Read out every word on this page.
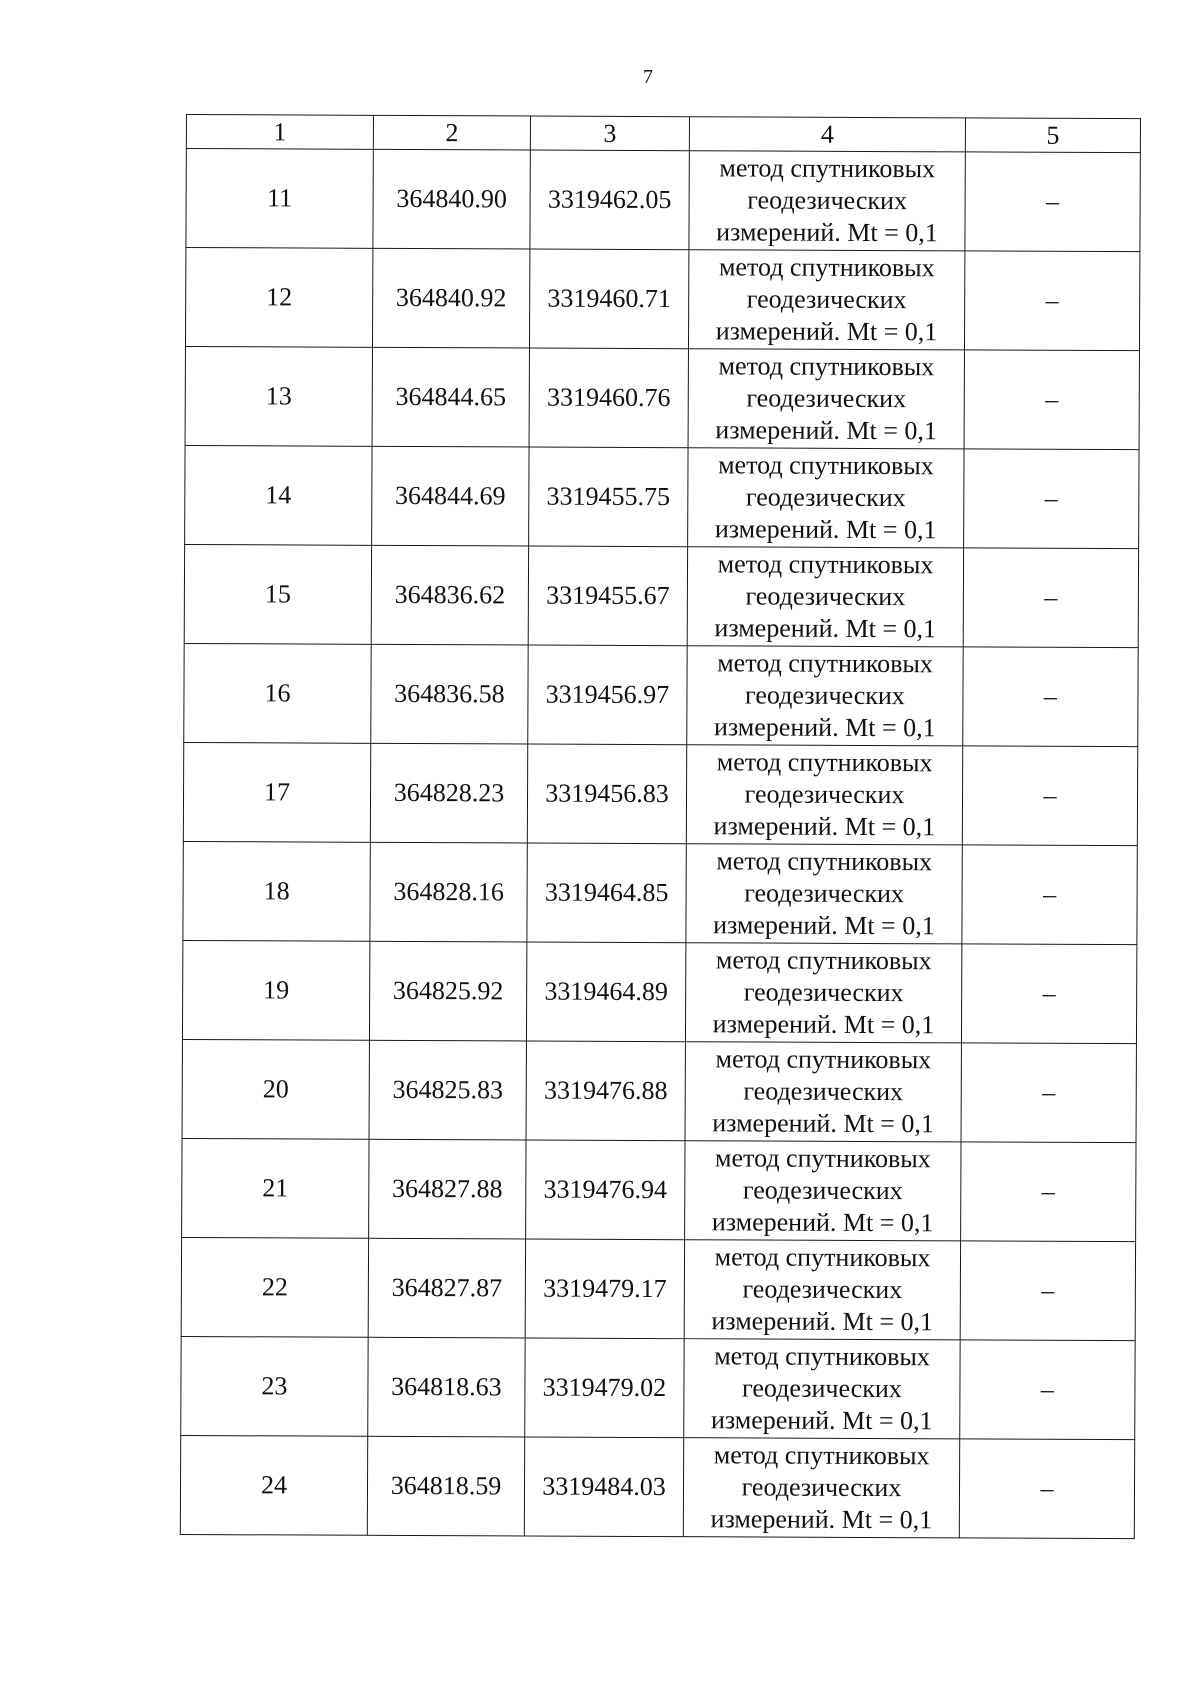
7
1	2	3	4	5
11	364840.90	3319462.05	метод спутниковых
геодезических
измерений. Mt = 0,1	–
12	364840.92	3319460.71	метод спутниковых
геодезических
измерений. Mt = 0,1	–
13	364844.65	3319460.76	метод спутниковых
геодезических
измерений. Mt = 0,1	–
14	364844.69	3319455.75	метод спутниковых
геодезических
измерений. Mt = 0,1	–
15	364836.62	3319455.67	метод спутниковых
геодезических
измерений. Mt = 0,1	–
16	364836.58	3319456.97	метод спутниковых
геодезических
измерений. Mt = 0,1	–
17	364828.23	3319456.83	метод спутниковых
геодезических
измерений. Mt = 0,1	–
18	364828.16	3319464.85	метод спутниковых
геодезических
измерений. Mt = 0,1	–
19	364825.92	3319464.89	метод спутниковых
геодезических
измерений. Mt = 0,1	–
20	364825.83	3319476.88	метод спутниковых
геодезических
измерений. Mt = 0,1	–
21	364827.88	3319476.94	метод спутниковых
геодезических
измерений. Mt = 0,1	–
22	364827.87	3319479.17	метод спутниковых
геодезических
измерений. Mt = 0,1	–
23	364818.63	3319479.02	метод спутниковых
геодезических
измерений. Mt = 0,1	–
24	364818.59	3319484.03	метод спутниковых
геодезических
измерений. Mt = 0,1	–
